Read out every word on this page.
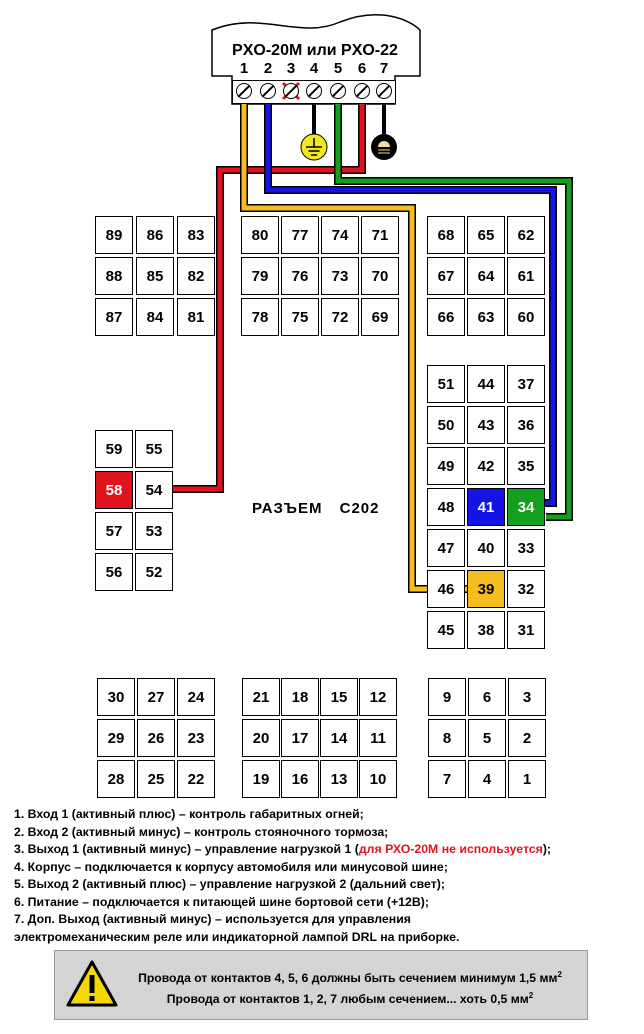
PXO-20M или PXO-22
1	2 3 4	5	6 7
89	86	83
88	85	82
87	84	81
80	77	74	71
79	76	73	70
78	75	72	69
68	65	62
67	64	61
66	63	60
59	55
58	54
57	53
56	52
51	44	37
50	43	36
49	42	35
48	41	34
47	40	33
46	39	32
45	38	31
30	27	24
29	26	23
28	25	22
21	18	15	12
20	17	14	11
19	16	13	10
9	6	3
8	5	2
7	4	1
РАЗЪЕМ С202
1. Вход 1 (активный плюс) – контроль габаритных огней;
2. Вход 2 (активный минус) – контроль стояночного тормоза;
3. Выход 1 (активный минус) – управление нагрузкой 1 (для РХО-20М не используется);
4. Корпус – подключается к корпусу автомобиля или минусовой шине;
5. Выход 2 (активный плюс) – управление нагрузкой 2 (дальний свет);
6. Питание – подключается к питающей шине бортовой сети (+12В);
7. Доп. Выход (активный минус) – используется для управления
электромеханическим реле или индикаторной лампой DRL на приборке.
Провода от контактов 4, 5, 6 должны быть сечением минимум 1,5 $мм^2$
Провода от контактов 1, 2, 7 любым сечением... хоть 0,5 $мм^2$
